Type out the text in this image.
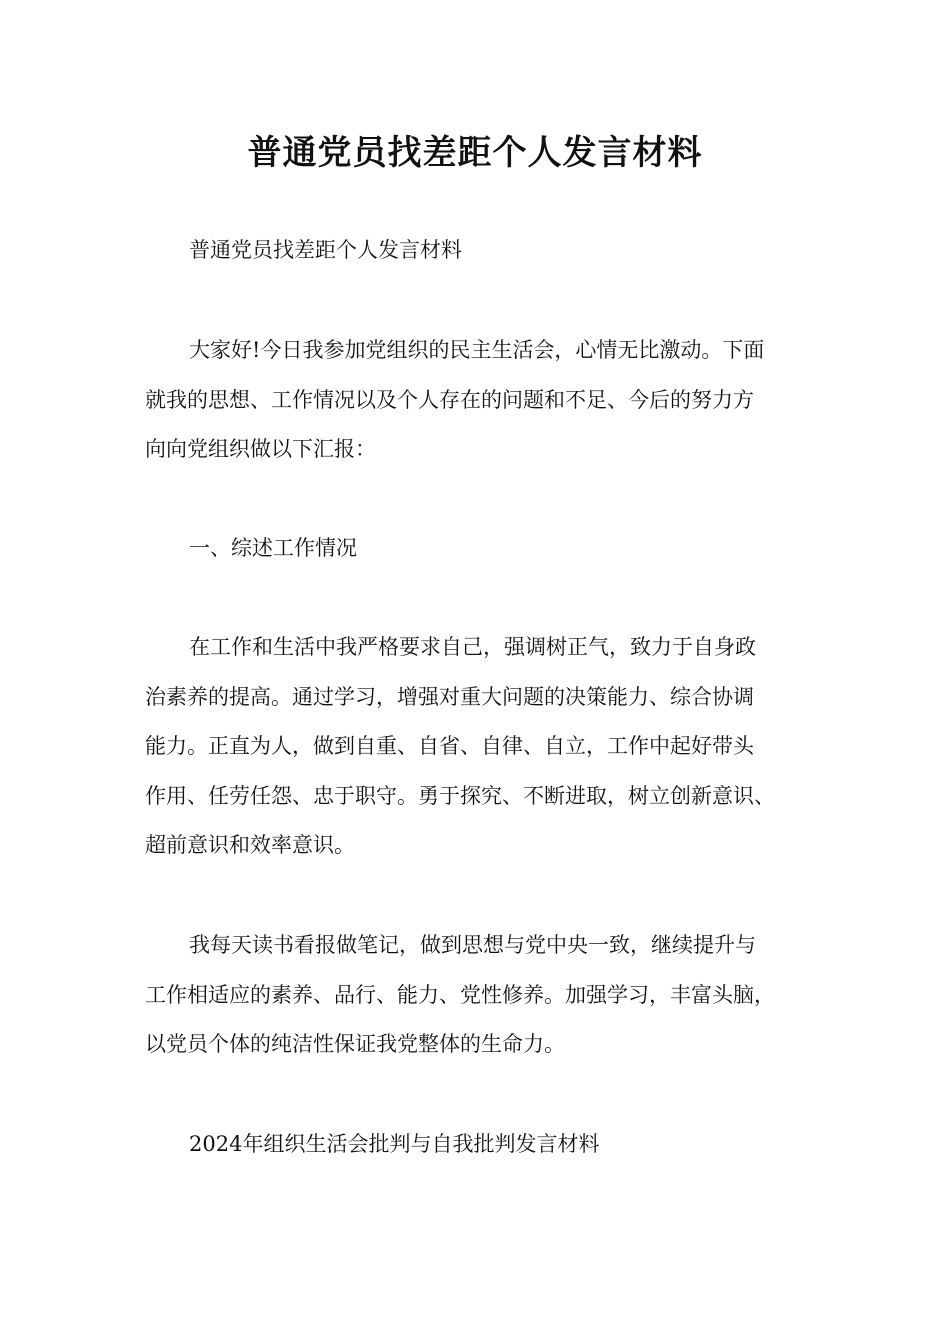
普通党员找差距个人发言材料

普通党员找差距个人发言材料

大家好!今日我参加党组织的民主生活会，心情无比激动。下面
就我的思想、工作情况以及个人存在的问题和不足、今后的努力方
向向党组织做以下汇报：

一、综述工作情况

在工作和生活中我严格要求自己，强调树正气，致力于自身政
治素养的提高。通过学习，增强对重大问题的决策能力、综合协调
能力。正直为人，做到自重、自省、自律、自立，工作中起好带头
作用、任劳任怨、忠于职守。勇于探究、不断进取，树立创新意识、
超前意识和效率意识。

我每天读书看报做笔记，做到思想与党中央一致，继续提升与
工作相适应的素养、品行、能力、党性修养。加强学习，丰富头脑，
以党员个体的纯洁性保证我党整体的生命力。

2024年组织生活会批判与自我批判发言材料
